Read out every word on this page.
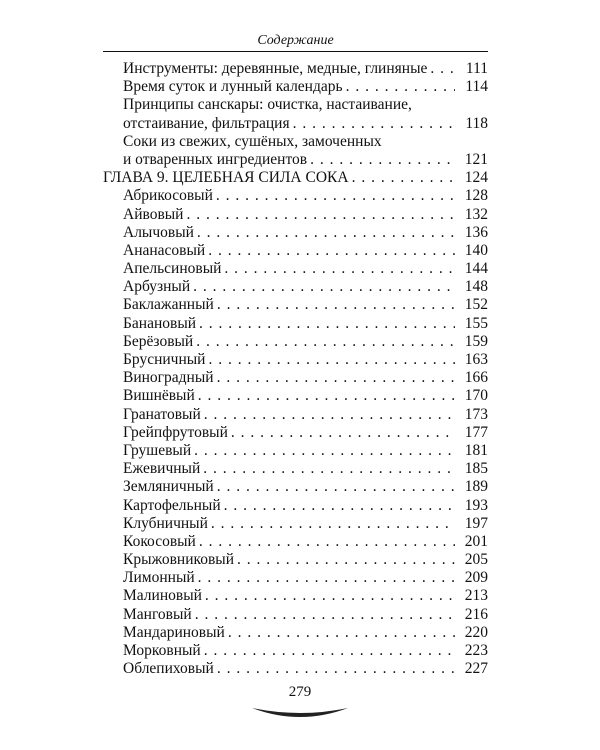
Содержание
Инструменты: деревянные, медные, глиняные . . .	111
Время суток и лунный календарь . . .	114
Принципы санскары: очистка, настаивание,
отстаивание, фильтрация . . .	118
Соки из свежих, сушёных, замоченных
и отваренных ингредиентов . . .	121
ГЛАВА 9. ЦЕЛЕБНАЯ СИЛА СОКА . . .	124
Абрикосовый . . .	128
Айвовый . . .	132
Алычовый . . .	136
Ананасовый . . .	140
Апельсиновый . . .	144
Арбузный . . .	148
Баклажанный . . .	152
Банановый . . .	155
Берёзовый . . .	159
Брусничный . . .	163
Виноградный . . .	166
Вишнёвый . . .	170
Гранатовый . . .	173
Грейпфрутовый . . .	177
Грушевый . . .	181
Ежевичный . . .	185
Земляничный . . .	189
Картофельный . . .	193
Клубничный . . .	197
Кокосовый . . .	201
Крыжовниковый . . .	205
Лимонный . . .	209
Малиновый . . .	213
Манговый . . .	216
Мандариновый . . .	220
Морковный . . .	223
Облепиховый . . .	227
279
